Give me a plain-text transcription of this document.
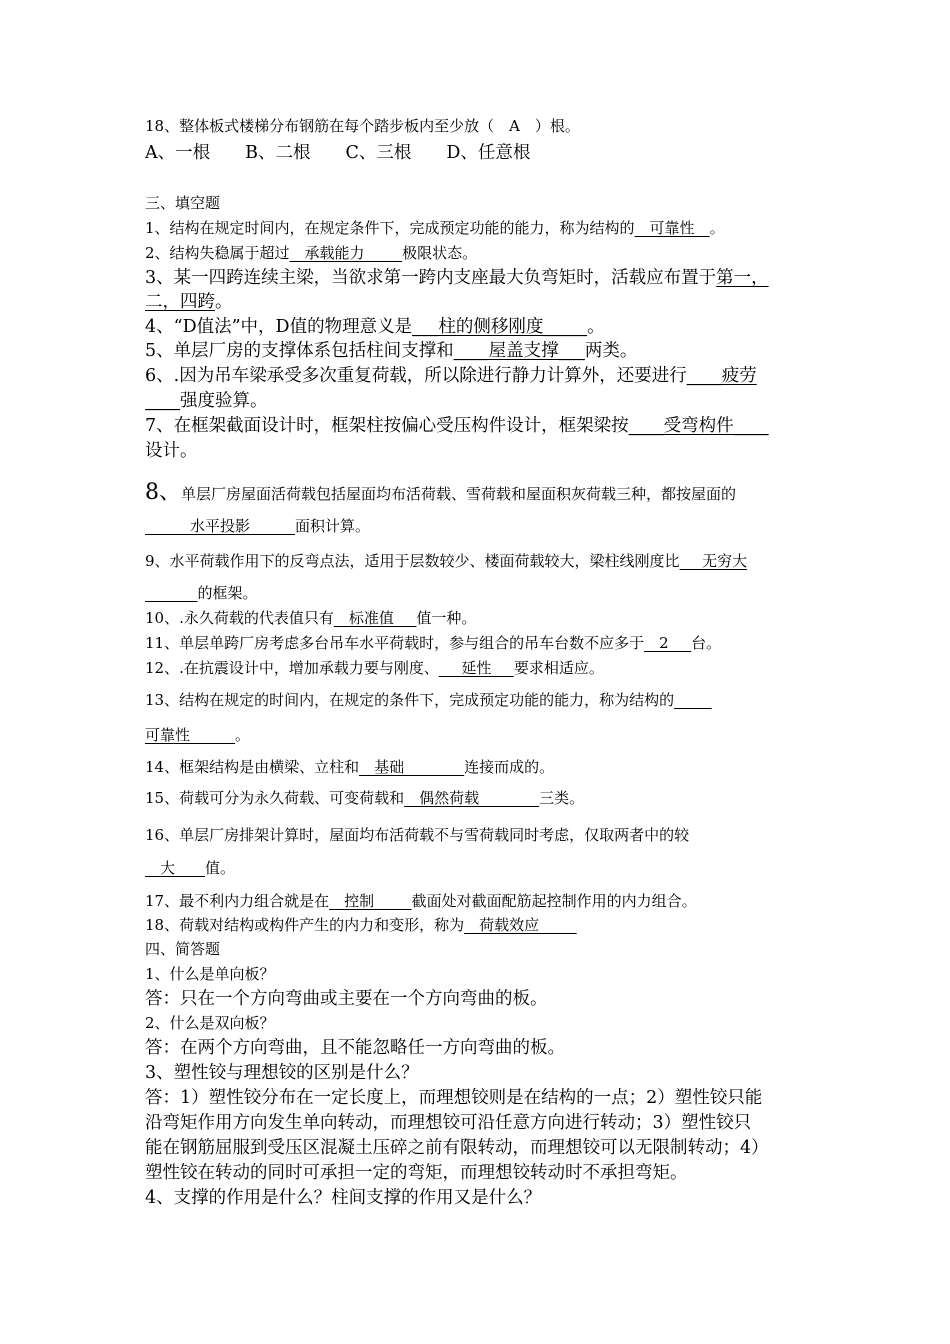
18、整体板式楼梯分布钢筋在每个踏步板内至少放（　A　）根。
A、一根　　B、二根　　C、三根　　D、任意根
三、填空题
1、结构在规定时间内，在规定条件下，完成预定功能的能力，称为结构的__可靠性__。
2、结构失稳属于超过__承载能力_____极限状态。
3、某一四跨连续主梁，当欲求第一跨内支座最大负弯矩时，活载应布置于第一，
二，四跨。
4、“D值法”中，D值的物理意义是___柱的侧移刚度_____。
5、单层厂房的支撑体系包括柱间支撑和____屋盖支撑___两类。
6、.因为吊车梁承受多次重复荷载，所以除进行静力计算外，还要进行____疲劳
____强度验算。
7、在框架截面设计时，框架柱按偏心受压构件设计，框架梁按____受弯构件____
设计。
8、单层厂房屋面活荷载包括屋面均布活荷载、雪荷载和屋面积灰荷载三种，都按屋面的
______水平投影______面积计算。
9、水平荷载作用下的反弯点法，适用于层数较少、楼面荷载较大，梁柱线刚度比___无穷大
_______的框架。
10、.永久荷载的代表值只有__标准值___值一种。
11、单层单跨厂房考虑多台吊车水平荷载时，参与组合的吊车台数不应多于__2___台。
12、.在抗震设计中，增加承载力要与刚度、___延性___要求相适应。
13、结构在规定的时间内，在规定的条件下，完成预定功能的能力，称为结构的_____
可靠性______。
14、框架结构是由横梁、立柱和__基础________连接而成的。
15、荷载可分为永久荷载、可变荷载和__偶然荷载________三类。
16、单层厂房排架计算时，屋面均布活荷载不与雪荷载同时考虑，仅取两者中的较
__大____值。
17、最不利内力组合就是在__控制_____截面处对截面配筋起控制作用的内力组合。
18、荷载对结构或构件产生的内力和变形，称为__荷载效应_____
四、简答题
1、什么是单向板？
答：只在一个方向弯曲或主要在一个方向弯曲的板。
2、什么是双向板？
答：在两个方向弯曲，且不能忽略任一方向弯曲的板。
3、塑性铰与理想铰的区别是什么？
答：1）塑性铰分布在一定长度上，而理想铰则是在结构的一点；2）塑性铰只能
沿弯矩作用方向发生单向转动，而理想铰可沿任意方向进行转动；3）塑性铰只
能在钢筋屈服到受压区混凝土压碎之前有限转动，而理想铰可以无限制转动；4）
塑性铰在转动的同时可承担一定的弯矩，而理想铰转动时不承担弯矩。
4、支撑的作用是什么？柱间支撑的作用又是什么？
